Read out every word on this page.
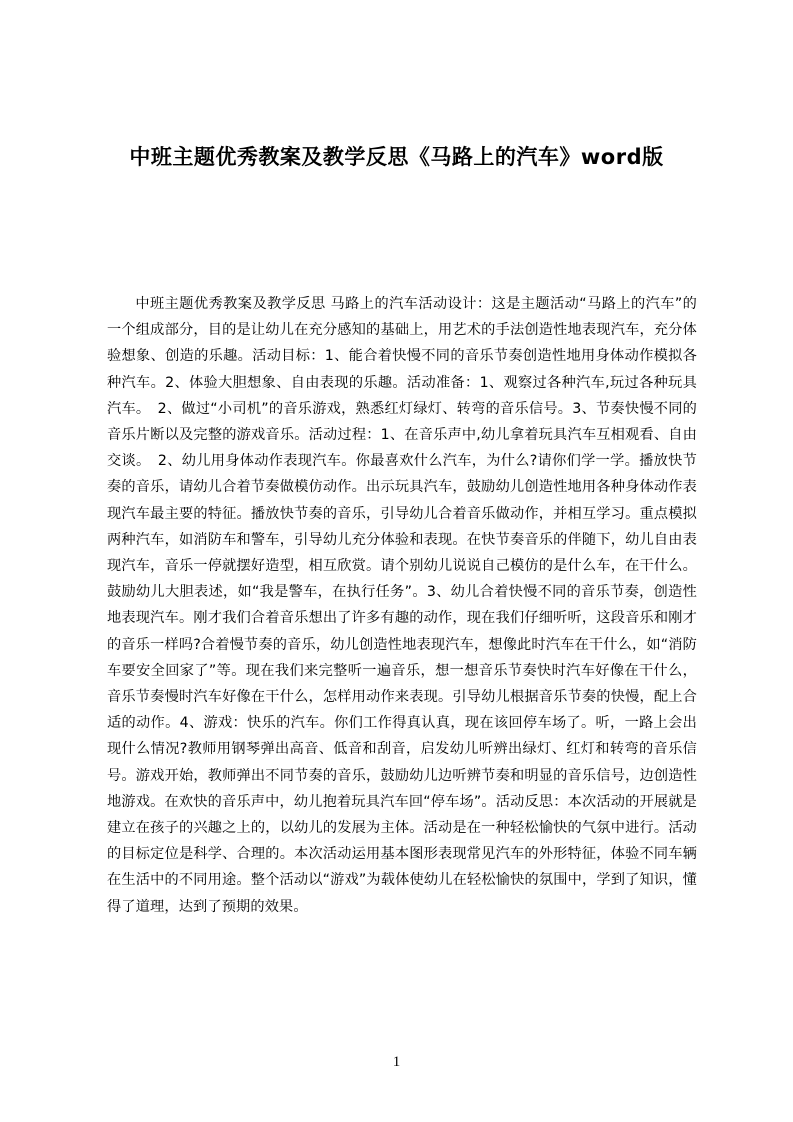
中班主题优秀教案及教学反思《马路上的汽车》word版

中班主题优秀教案及教学反思 马路上的汽车活动设计：这是主题活动“马路上的汽车”的一个组成部分，目的是让幼儿在充分感知的基础上，用艺术的手法创造性地表现汽车，充分体验想象、创造的乐趣。活动目标：1、能合着快慢不同的音乐节奏创造性地用身体动作模拟各种汽车。2、体验大胆想象、自由表现的乐趣。活动准备：1、观察过各种汽车,玩过各种玩具汽车。　2、做过“小司机”的音乐游戏，熟悉红灯绿灯、转弯的音乐信号。3、节奏快慢不同的音乐片断以及完整的游戏音乐。活动过程：1、在音乐声中,幼儿拿着玩具汽车互相观看、自由交谈。　2、幼儿用身体动作表现汽车。你最喜欢什么汽车，为什么?请你们学一学。播放快节奏的音乐，请幼儿合着节奏做模仿动作。出示玩具汽车，鼓励幼儿创造性地用各种身体动作表现汽车最主要的特征。播放快节奏的音乐，引导幼儿合着音乐做动作，并相互学习。重点模拟两种汽车，如消防车和警车，引导幼儿充分体验和表现。在快节奏音乐的伴随下，幼儿自由表现汽车，音乐一停就摆好造型，相互欣赏。请个别幼儿说说自己模仿的是什么车，在干什么。鼓励幼儿大胆表述，如“我是警车，在执行任务”。3、幼儿合着快慢不同的音乐节奏，创造性地表现汽车。刚才我们合着音乐想出了许多有趣的动作，现在我们仔细听听，这段音乐和刚才的音乐一样吗?合着慢节奏的音乐，幼儿创造性地表现汽车，想像此时汽车在干什么，如“消防车要安全回家了”等。现在我们来完整听一遍音乐，想一想音乐节奏快时汽车好像在干什么，音乐节奏慢时汽车好像在干什么，怎样用动作来表现。引导幼儿根据音乐节奏的快慢，配上合适的动作。4、游戏：快乐的汽车。你们工作得真认真，现在该回停车场了。听，一路上会出现什么情况?教师用钢琴弹出高音、低音和刮音，启发幼儿听辨出绿灯、红灯和转弯的音乐信号。游戏开始，教师弹出不同节奏的音乐，鼓励幼儿边听辨节奏和明显的音乐信号，边创造性地游戏。在欢快的音乐声中，幼儿抱着玩具汽车回“停车场”。活动反思：本次活动的开展就是建立在孩子的兴趣之上的，以幼儿的发展为主体。活动是在一种轻松愉快的气氛中进行。活动的目标定位是科学、合理的。本次活动运用基本图形表现常见汽车的外形特征，体验不同车辆在生活中的不同用途。整个活动以“游戏”为载体使幼儿在轻松愉快的氛围中，学到了知识，懂得了道理，达到了预期的效果。

1
